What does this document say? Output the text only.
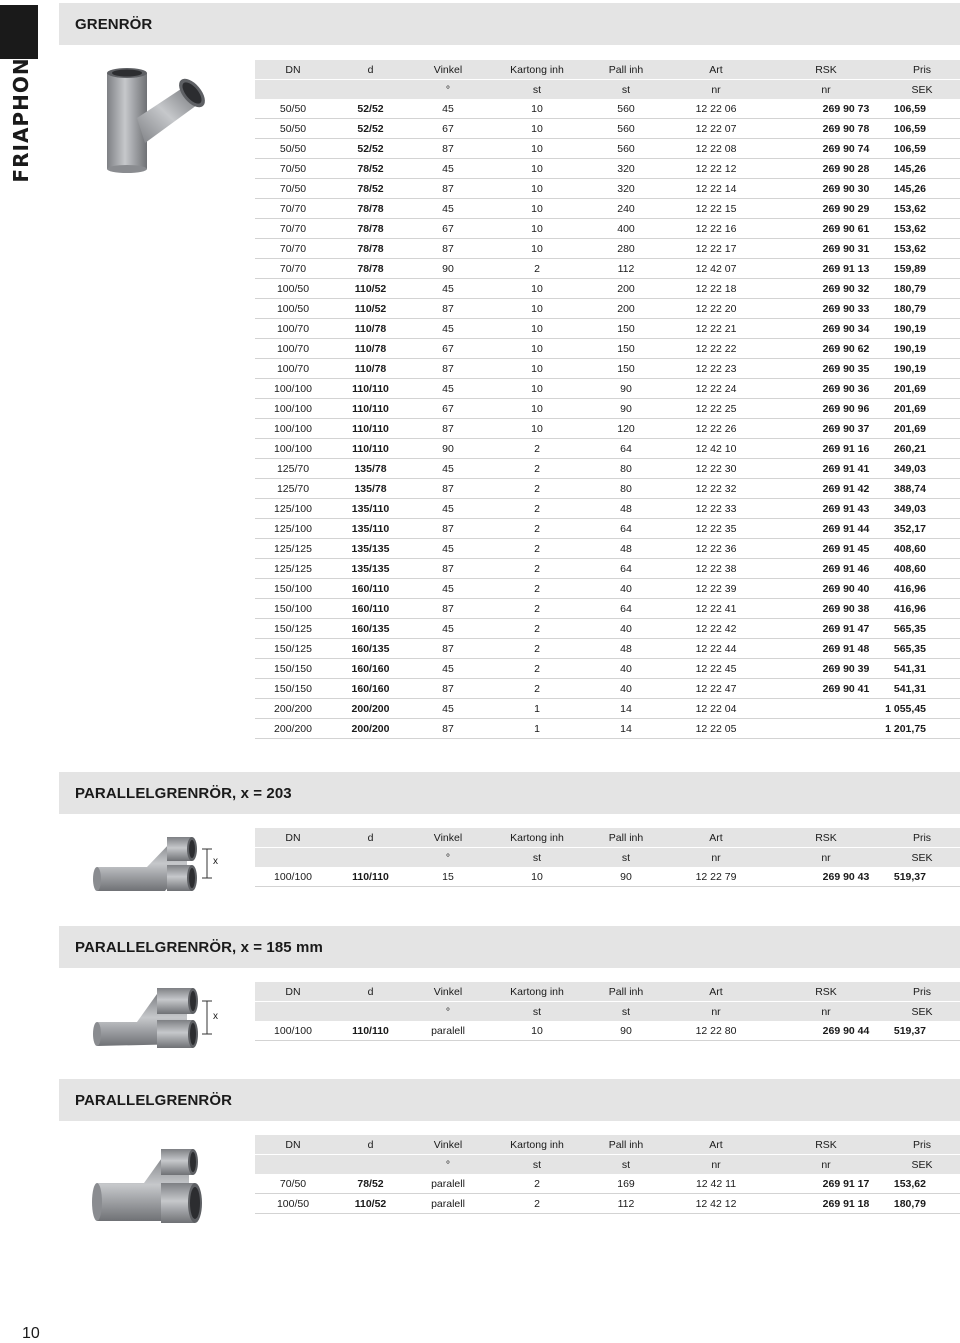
FRIAPHON
GRENRÖR
DN	d	Vinkel	Kartong inh	Pall inh	Art	RSK	Pris
		°	st	st	nr	nr	SEK
50/50	52/52	45	10	560	12 22 06	269 90 73	106,59
50/50	52/52	67	10	560	12 22 07	269 90 78	106,59
50/50	52/52	87	10	560	12 22 08	269 90 74	106,59
70/50	78/52	45	10	320	12 22 12	269 90 28	145,26
70/50	78/52	87	10	320	12 22 14	269 90 30	145,26
70/70	78/78	45	10	240	12 22 15	269 90 29	153,62
70/70	78/78	67	10	400	12 22 16	269 90 61	153,62
70/70	78/78	87	10	280	12 22 17	269 90 31	153,62
70/70	78/78	90	2	112	12 42 07	269 91 13	159,89
100/50	110/52	45	10	200	12 22 18	269 90 32	180,79
100/50	110/52	87	10	200	12 22 20	269 90 33	180,79
100/70	110/78	45	10	150	12 22 21	269 90 34	190,19
100/70	110/78	67	10	150	12 22 22	269 90 62	190,19
100/70	110/78	87	10	150	12 22 23	269 90 35	190,19
100/100	110/110	45	10	90	12 22 24	269 90 36	201,69
100/100	110/110	67	10	90	12 22 25	269 90 96	201,69
100/100	110/110	87	10	120	12 22 26	269 90 37	201,69
100/100	110/110	90	2	64	12 42 10	269 91 16	260,21
125/70	135/78	45	2	80	12 22 30	269 91 41	349,03
125/70	135/78	87	2	80	12 22 32	269 91 42	388,74
125/100	135/110	45	2	48	12 22 33	269 91 43	349,03
125/100	135/110	87	2	64	12 22 35	269 91 44	352,17
125/125	135/135	45	2	48	12 22 36	269 91 45	408,60
125/125	135/135	87	2	64	12 22 38	269 91 46	408,60
150/100	160/110	45	2	40	12 22 39	269 90 40	416,96
150/100	160/110	87	2	64	12 22 41	269 90 38	416,96
150/125	160/135	45	2	40	12 22 42	269 91 47	565,35
150/125	160/135	87	2	48	12 22 44	269 91 48	565,35
150/150	160/160	45	2	40	12 22 45	269 90 39	541,31
150/150	160/160	87	2	40	12 22 47	269 90 41	541,31
200/200	200/200	45	1	14	12 22 04		1 055,45
200/200	200/200	87	1	14	12 22 05		1 201,75
PARALLELGRENRÖR, x = 203
x
DN	d	Vinkel	Kartong inh	Pall inh	Art	RSK	Pris
		°	st	st	nr	nr	SEK
100/100	110/110	15	10	90	12 22 79	269 90 43	519,37
PARALLELGRENRÖR, x = 185 mm
x
DN	d	Vinkel	Kartong inh	Pall inh	Art	RSK	Pris
		°	st	st	nr	nr	SEK
100/100	110/110	paralell	10	90	12 22 80	269 90 44	519,37
PARALLELGRENRÖR
DN	d	Vinkel	Kartong inh	Pall inh	Art	RSK	Pris
		°	st	st	nr	nr	SEK
70/50	78/52	paralell	2	169	12 42 11	269 91 17	153,62
100/50	110/52	paralell	2	112	12 42 12	269 91 18	180,79
10
